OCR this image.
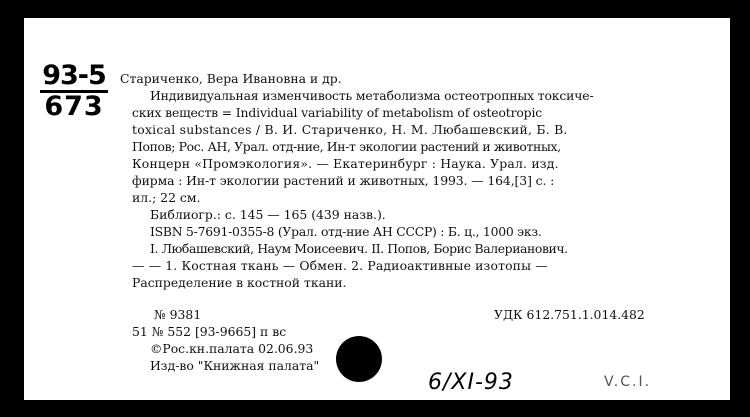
93-5
673
Стариченко, Вера Ивановна и др.
Индивидуальная изменчивость метаболизма остеотропных токсиче-
ских веществ = Individual variability of metabolism of osteotropic
toxical substances / В. И. Стариченко, Н. М. Любашевский, Б. В.
Попов; Рос. АН, Урал. отд-ние, Ин-т экологии растений и животных,
Концерн «Промэкология». — Екатеринбург : Наука. Урал. изд.
фирма : Ин-т экологии растений и животных, 1993. — 164,[3] с. :
ил.; 22 см.
Библиогр.: с. 145 — 165 (439 назв.).
ISBN 5-7691-0355-8 (Урал. отд-ние АН СССР) : Б. ц., 1000 экз.
I. Любашевский, Наум Моисеевич. II. Попов, Борис Валерианович.
— — 1. Костная ткань — Обмен. 2. Радиоактивные изотопы —
Распределение в костной ткани.
№ 9381	УДК 612.751.1.014.482
51 № 552 [93-9665] п вс
©Рос.кн.палата 02.06.93
Изд-во "Книжная палата"
6/XI-93	V.C.I.
